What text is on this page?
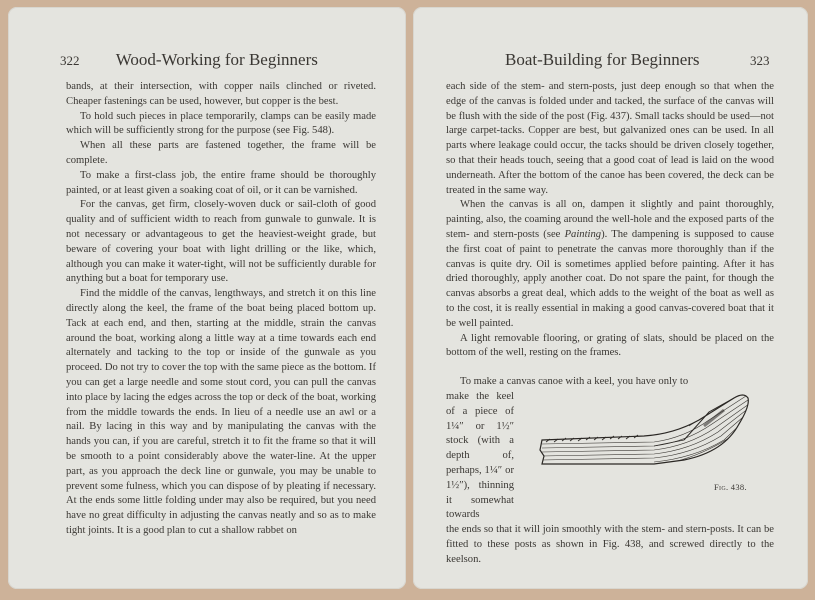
322 Wood-Working for Beginners	Boat-Building for Beginners	323

bands, at their intersection, with copper nails clinched or riveted. Cheaper fastenings can be used, however, but copper is the best.

To hold such pieces in place temporarily, clamps can be easily made which will be sufficiently strong for the purpose (see Fig. 548).

When all these parts are fastened together, the frame will be complete.

To make a first-class job, the entire frame should be thoroughly painted, or at least given a soaking coat of oil, or it can be varnished.

For the canvas, get firm, closely-woven duck or sail-cloth of good quality and of sufficient width to reach from gunwale to gunwale. It is not necessary or advantageous to get the heaviest-weight grade, but beware of covering your boat with light drilling or the like, which, although you can make it water-tight, will not be sufficiently durable for anything but a boat for temporary use.

Find the middle of the canvas, lengthways, and stretch it on this line directly along the keel, the frame of the boat being placed bottom up. Tack at each end, and then, starting at the middle, strain the canvas around the boat, working along a little way at a time towards each end alternately and tacking to the top or inside of the gunwale as you proceed. Do not try to cover the top with the same piece as the bottom. If you can get a large needle and some stout cord, you can pull the canvas into place by lacing the edges across the top or deck of the boat, working from the middle towards the ends. In lieu of a needle use an awl or a nail. By lacing in this way and by manipulating the canvas with the hands you can, if you are careful, stretch it to fit the frame so that it will be smooth to a point considerably above the water-line. At the upper part, as you approach the deck line or gunwale, you may be unable to prevent some fulness, which you can dispose of by pleating if necessary. At the ends some little folding under may also be required, but you need have no great difficulty in adjusting the canvas neatly and so as to make tight joints. It is a good plan to cut a shallow rabbet on

each side of the stem- and stern-posts, just deep enough so that when the edge of the canvas is folded under and tacked, the surface of the canvas will be flush with the side of the post (Fig. 437). Small tacks should be used—not large carpet-tacks. Copper are best, but galvanized ones can be used. In all parts where leakage could occur, the tacks should be driven closely together, so that their heads touch, seeing that a good coat of lead is laid on the wood underneath. After the bottom of the canoe has been covered, the deck can be treated in the same way.

When the canvas is all on, dampen it slightly and paint thoroughly, painting, also, the coaming around the well-hole and the exposed parts of the stem- and stern-posts (see Painting). The dampening is supposed to cause the first coat of paint to penetrate the canvas more thoroughly than if the canvas is quite dry. Oil is sometimes applied before painting. After it has dried thoroughly, apply another coat. Do not spare the paint, for though the canvas absorbs a great deal, which adds to the weight of the boat as well as to the cost, it is really essential in making a good canvas-covered boat that it be well painted.

A light removable flooring, or grating of slats, should be placed on the bottom of the well, resting on the frames.

To make a canvas canoe with a keel, you have only to

make the keel of a piece of 1¼″ or 1½″ stock (with a depth of, perhaps, 1¼″ or 1½″), thinning it somewhat towards
Fig. 438.

the ends so that it will join smoothly with the stem- and stern-posts. It can be fitted to these posts as shown in Fig. 438, and screwed directly to the keelson.
